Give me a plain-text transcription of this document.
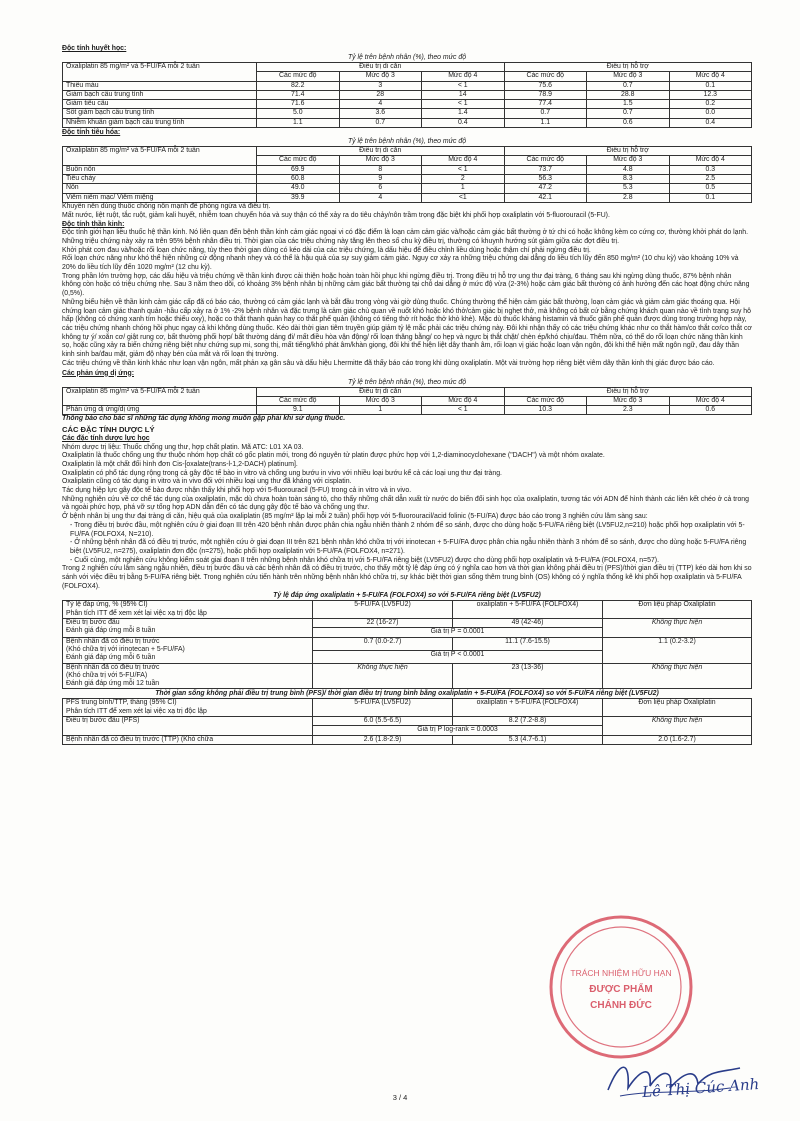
Độc tính huyết học:

Tỷ lệ trên bệnh nhân (%), theo mức độ

Oxaliplatin 85 mg/m² và 5-FU/FA mỗi 2 tuần	Điều trị di căn			Điều trị hỗ trợ		
	Các mức độ	Mức độ 3	Mức độ 4	Các mức độ	Mức độ 3	Mức độ 4
Thiếu máu	82.2	3	< 1	75.6	0.7	0.1
Giảm bạch cầu trung tính	71.4	28	14	78.9	28.8	12.3
Giảm tiểu cầu	71.6	4	< 1	77.4	1.5	0.2
Sốt giảm bạch cầu trung tính	5.0	3.6	1.4	0.7	0.7	0.0
Nhiễm khuẩn giảm bạch cầu trung tính	1.1	0.7	0.4	1.1	0.6	0.4

Độc tính tiêu hóa:

Tỷ lệ trên bệnh nhân (%), theo mức độ

Oxaliplatin 85 mg/m² và 5-FU/FA mỗi 2 tuần	Điều trị di căn			Điều trị hỗ trợ		
	Các mức độ	Mức độ 3	Mức độ 4	Các mức độ	Mức độ 3	Mức độ 4
Buồn nôn	69.9	8	< 1	73.7	4.8	0.3
Tiêu chảy	60.8	9	2	56.3	8.3	2.5
Nôn	49.0	6	1	47.2	5.3	0.5
Viêm niêm mạc/ Viêm miệng	39.9	4	<1	42.1	2.8	0.1

Khuyến nên dùng thuốc chống nôn mạnh để phòng ngừa và điều trị.

Mất nước, liệt ruột, tắc ruột, giảm kali huyết, nhiễm toan chuyển hóa và suy thận có thể xảy ra do tiêu chảy/nôn trầm trọng đặc biệt khi phối hợp oxaliplatin với 5-fluorouracil (5-FU).

Độc tính thần kinh:

Độc tính giới hạn liều thuốc hệ thần kinh. Nó liên quan đến bệnh thần kinh cảm giác ngoại vi có đặc điểm là loạn cảm cảm giác và/hoặc cảm giác bất thường ở tứ chi có hoặc không kèm co cứng cơ, thường khởi phát do lạnh. Những triệu chứng này xảy ra trên 95% bệnh nhân điều trị. Thời gian của các triệu chứng này tăng lên theo số chu kỳ điều trị, thường có khuynh hướng sút giảm giữa các đợt điều trị.

Khởi phát cơn đau và/hoặc rối loạn chức năng, tùy theo thời gian dùng có kéo dài của các triệu chứng, là dấu hiệu để điều chỉnh liều dùng hoặc thậm chí phải ngừng điều trị.

Rối loạn chức năng như khó thể hiện những cử động nhanh nhẹy và có thể là hậu quả của sự suy giảm cảm giác. Nguy cơ xảy ra những triệu chứng dai dẳng do liều tích lũy đến 850 mg/m² (10 chu kỳ) vào khoảng 10% và 20% do liều tích lũy đến 1020 mg/m² (12 chu kỳ).

Trong phần lớn trường hợp, các dấu hiệu và triệu chứng về thần kinh được cải thiện hoặc hoàn toàn hồi phục khi ngừng điều trị. Trong điều trị hỗ trợ ung thư đại tràng, 6 tháng sau khi ngừng dùng thuốc, 87% bệnh nhân không còn hoặc có triệu chứng nhẹ. Sau 3 năm theo dõi, có khoảng 3% bệnh nhân bị những cảm giác bất thường tại chỗ dai dẳng ở mức độ vừa (2-3%) hoặc cảm giác bất thường có ảnh hưởng đến các hoạt động chức năng (0,5%).

Những biểu hiện về thần kinh cảm giác cấp đã có báo cáo, thường có cảm giác lạnh và bắt đầu trong vòng vài giờ dùng thuốc. Chúng thường thể hiện cảm giác bất thường, loạn cảm giác và giảm cảm giác thoáng qua. Hội chứng loạn cảm giác thanh quản -hầu cấp xảy ra ở 1% -2% bệnh nhân và đặc trưng là cảm giác chủ quan về nuốt khó hoặc khó thở/cảm giác bị nghẹt thở, mà không có bất cứ bằng chứng khách quan nào về tình trạng suy hô hấp (không có chứng xanh tím hoặc thiếu oxy), hoặc co thắt thanh quản hay co thắt phế quản (không có tiếng thở rít hoặc thở khò khè). Mặc dù thuốc kháng histamin và thuốc giãn phế quản được dùng trong trường hợp này, các triệu chứng nhanh chóng hồi phục ngay cả khi không dùng thuốc. Kéo dài thời gian tiêm truyền giúp giảm tỷ lệ mắc phải các triệu chứng này. Đôi khi nhận thấy có các triệu chứng khác như co thắt hàm/co thắt cơ/co thắt cơ không tự ý/ xoắn cơ/ giật rung cơ, bất thường phối hợp/ bất thường dáng đi/ mất điều hòa vận động/ rối loạn thăng bằng/ co hẹp và ngực bị thắt chặt/ chèn ép/khó chịu/đau. Thêm nữa, có thể do rối loạn chức năng thần kinh sọ, hoặc cũng xảy ra biến chứng riêng biệt như chứng sụp mi, song thị, mất tiếng/khó phát âm/khàn giọng, đôi khi thể hiện liệt dây thanh âm, rối loạn vị giác hoặc loạn vận ngôn, đôi khi thể hiện mất ngôn ngữ, đau dây thần kinh sinh ba/đau mặt, giảm độ nhạy bén của mắt và rối loạn thị trường.

Các triệu chứng về thần kinh khác như loạn vận ngôn, mất phản xạ gân sâu và dấu hiệu Lhermitte đã thấy báo cáo trong khi dùng oxaliplatin. Một vài trường hợp riêng biệt viêm dây thần kinh thị giác được báo cáo.

Các phản ứng dị ứng:

Tỷ lệ trên bệnh nhân (%), theo mức độ

Oxaliplatin 85 mg/m² và 5-FU/FA mỗi 2 tuần	Điều trị di căn			Điều trị hỗ trợ		
	Các mức độ	Mức độ 3	Mức độ 4	Các mức độ	Mức độ 3	Mức độ 4
Phản ứng dị ứng/dị ứng	9.1	1	< 1	10.3	2.3	0.6

Thông báo cho bác sĩ những tác dụng không mong muốn gặp phải khi sử dụng thuốc.

CÁC ĐẶC TÍNH DƯỢC LÝ

Các đặc tính dược lực học

Nhóm dược trị liệu: Thuốc chống ung thư, hợp chất platin. Mã ATC: L01 XA 03.

Oxaliplatin là thuốc chống ung thư thuộc nhóm hợp chất có gốc platin mới, trong đó nguyên tử platin được phức hợp với 1,2-diaminocyclohexane ("DACH") và một nhóm oxalate.

Oxaliplatin là một chất đối hình đơn Cis-[oxalate(trans-l-1,2-DACH) platinum].

Oxaliplatin có phổ tác dụng rộng trong cả gây độc tế bào in vitro và chống ung bướu in vivo với nhiều loại bướu kể cả các loại ung thư đại tràng.

Oxaliplatin cũng có tác dụng in vitro và in vivo đối với nhiều loại ung thư đã kháng với cisplatin.

Tác dụng hiệp lực gây độc tế bào được nhận thấy khi phối hợp với 5-fluorouracil (5-FU) trong cả in vitro và in vivo.

Những nghiên cứu về cơ chế tác dụng của oxaliplatin, mặc dù chưa hoàn toàn sáng tỏ, cho thấy những chất dẫn xuất từ nước do biến đổi sinh học của oxaliplatin, tương tác với ADN để hình thành các liên kết chéo ở cả trong và ngoài phức hợp, phá vỡ sự tổng hợp ADN dẫn đến có tác dụng gây độc tế bào và chống ung thư.

Ở bệnh nhân bị ung thư đại tràng di căn, hiệu quả của oxaliplatin (85 mg/m² lặp lại mỗi 2 tuần) phối hợp với 5-fluorouracil/acid folinic (5-FU/FA) được báo cáo trong 3 nghiên cứu lâm sàng sau:

- Trong điều trị bước đầu, một nghiên cứu ở giai đoạn III trên 420 bệnh nhân được phân chia ngẫu nhiên thành 2 nhóm để so sánh, được cho dùng hoặc 5-FU/FA riêng biệt (LV5FU2,n=210) hoặc phối hợp oxaliplatin với 5-FU/FA (FOLFOX4, N=210).

- Ở những bệnh nhân đã có điều trị trước, một nghiên cứu ở giai đoạn III trên 821 bệnh nhân khó chữa trị với irinotecan + 5-FU/FA được phân chia ngẫu nhiên thành 3 nhóm để so sánh, được cho dùng hoặc 5-FU/FA riêng biệt (LV5FU2, n=275), oxaliplatin đơn độc (n=275), hoặc phối hợp oxaliplatin với 5-FU/FA (FOLFOX4, n=271).

- Cuối cùng, một nghiên cứu không kiểm soát giai đoạn II trên những bệnh nhân khó chữa trị với 5-FU/FA riêng biệt (LV5FU2) được cho dùng phối hợp oxaliplatin và 5-FU/FA (FOLFOX4, n=57).

Trong 2 nghiên cứu lâm sàng ngẫu nhiên, điều trị bước đầu và các bệnh nhân đã có điều trị trước, cho thấy một tỷ lệ đáp ứng có ý nghĩa cao hơn và thời gian không phải điều trị (PFS)/thời gian điều trị (TTP) kéo dài hơn khi so sánh với việc điều trị bằng 5-FU/FA riêng biệt. Trong nghiên cứu tiến hành trên những bệnh nhân khó chữa trị, sự khác biệt thời gian sống thêm trung bình (OS) không có ý nghĩa thống kê khi phối hợp oxaliplatin và 5-FU/FA (FOLFOX4).

Tỷ lệ đáp ứng oxaliplatin + 5-FU/FA (FOLFOX4) so với 5-FU/FA riêng biệt (LV5FU2)

Tỷ lệ đáp ứng, % (95% CI)
Phân tích ITT để xem xét lại việc xạ trị độc lập	5-FU/FA (LV5FU2)	oxaliplatin + 5-FU/FA (FOLFOX4)	Đơn liệu pháp Oxaliplatin

Điều trị bước đầu
Đánh giá đáp ứng mỗi 8 tuần	22 (16-27)	49 (42-46)	Không thực hiện
	Giá trị P = 0.0001		

Bệnh nhân đã có điều trị trước
(Khó chữa trị với irinotecan + 5-FU/FA)
Đánh giá đáp ứng mỗi 6 tuần	0.7 (0.0-2.7)	11.1 (7.6-15.5)	1.1 (0.2-3.2)
	Giá trị P < 0.0001		

Bệnh nhân đã có điều trị trước
(Khó chữa trị với 5-FU/FA)
Đánh giá đáp ứng mỗi 12 tuần	Không thực hiện	23 (13-36)	Không thực hiện

Thời gian sống không phải điều trị trung bình (PFS)/ thời gian điều trị trung bình bằng oxaliplatin + 5-FU/FA (FOLFOX4) so với 5-FU/FA riêng biệt (LV5FU2)

PFS trung bình/TTP, tháng (95% CI)
Phân tích ITT để xem xét lại việc xạ trị độc lập	5-FU/FA (LV5FU2)	oxaliplatin + 5-FU/FA (FOLFOX4)	Đơn liệu pháp Oxaliplatin
Điều trị bước đầu (PFS)	6.0 (5.5-6.5)	8.2 (7.2-8.8)	Không thực hiện
	Giá trị P log-rank = 0.0003		
Bệnh nhân đã có điều trị trước (TTP) (Khó chữa	2.6 (1.8-2.9)	5.3 (4.7-6.1)	2.0 (1.6-2.7)
TRÁCH NHIỆM HỮU HẠN
ĐƯỢC PHẨM
CHÁNH ĐỨC
Lê Thị Cúc Anh
3 / 4
